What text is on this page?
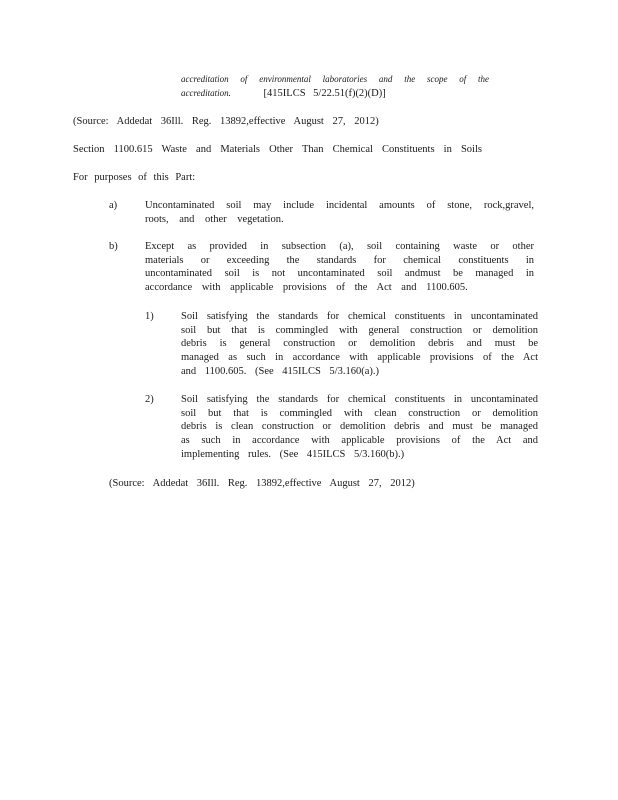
accreditation of environmental laboratories and the scope of the
accreditation.	[415ILCS 5/22.51(f)(2)(D)]

(Source: Addedat 36Ill. Reg. 13892,effective August 27, 2012)

Section 1100.615 Waste and Materials Other Than Chemical Constituents in Soils

For purposes of this Part:

a)	Uncontaminated soil may include incidental amounts of stone, rock,gravel, roots, and other vegetation.

b)	Except as provided in subsection (a), soil containing waste or other materials or exceeding the standards for chemical constituents in uncontaminated soil is not uncontaminated soil andmust be managed in accordance with applicable provisions of the Act and 1100.605.

1)	Soil satisfying the standards for chemical constituents in uncontaminated soil but that is commingled with general construction or demolition debris is general construction or demolition debris and must be managed as such in accordance with applicable provisions of the Act and 1100.605. (See 415ILCS 5/3.160(a).)

2)	Soil satisfying the standards for chemical constituents in uncontaminated soil but that is commingled with clean construction or demolition debris is clean construction or demolition debris and must be managed as such in accordance with applicable provisions of the Act and implementing rules. (See 415ILCS 5/3.160(b).)

(Source: Addedat 36Ill. Reg. 13892,effective August 27, 2012)
